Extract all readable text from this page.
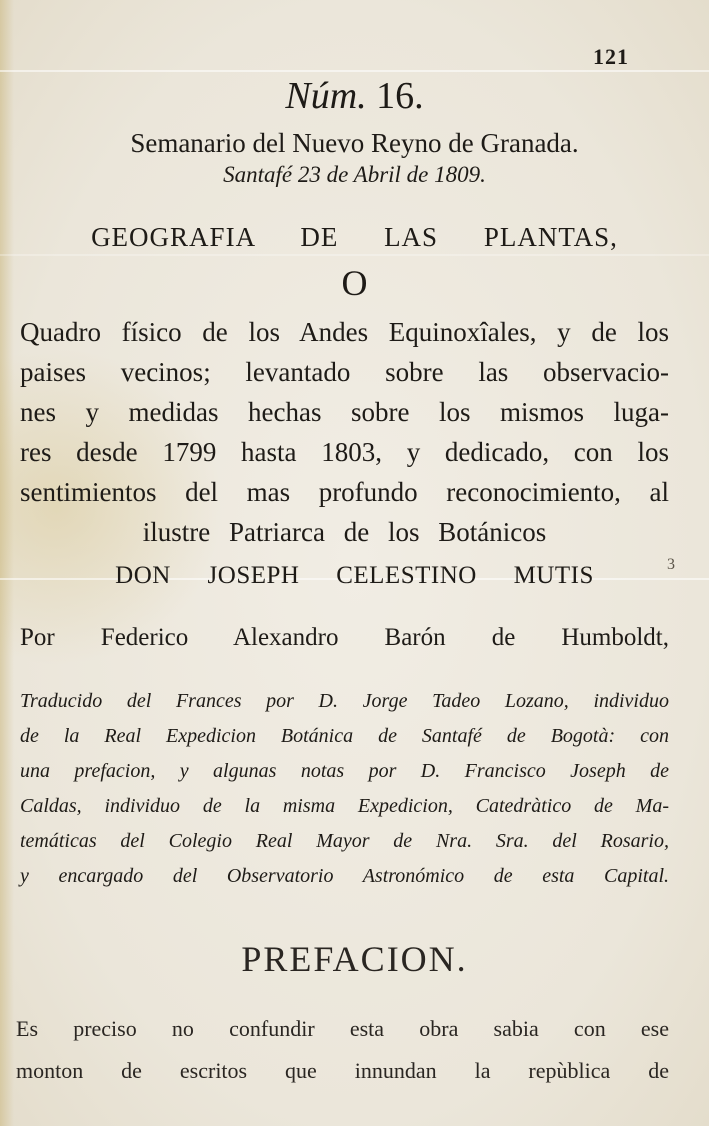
121
Núm. 16.
Semanario del Nuevo Reyno de Granada.
Santafé 23 de Abril de 1809.
GEOGRAFIA DE LAS PLANTAS,
O
Quadro físico de los Andes Equinoxîales, y de los
paises vecinos; levantado sobre las observacio-
nes y medidas hechas sobre los mismos luga-
res desde 1799 hasta 1803, y dedicado, con los
sentimientos del mas profundo reconocimiento, al
ilustre Patriarca de los Botánicos
3
DON JOSEPH CELESTINO MUTIS
Por Federico Alexandro Barón de Humboldt,
Traducido del Frances por D. Jorge Tadeo Lozano, individuo
de la Real Expedicion Botánica de Santafé de Bogotà: con
una prefacion, y algunas notas por D. Francisco Joseph de
Caldas, individuo de la misma Expedicion, Catedràtico de Ma-
temáticas del Colegio Real Mayor de Nra. Sra. del Rosario,
y encargado del Observatorio Astronómico de esta Capital.
PREFACION.
Es preciso no confundir esta obra sabia con ese
monton de escritos que innundan la repùblica de
